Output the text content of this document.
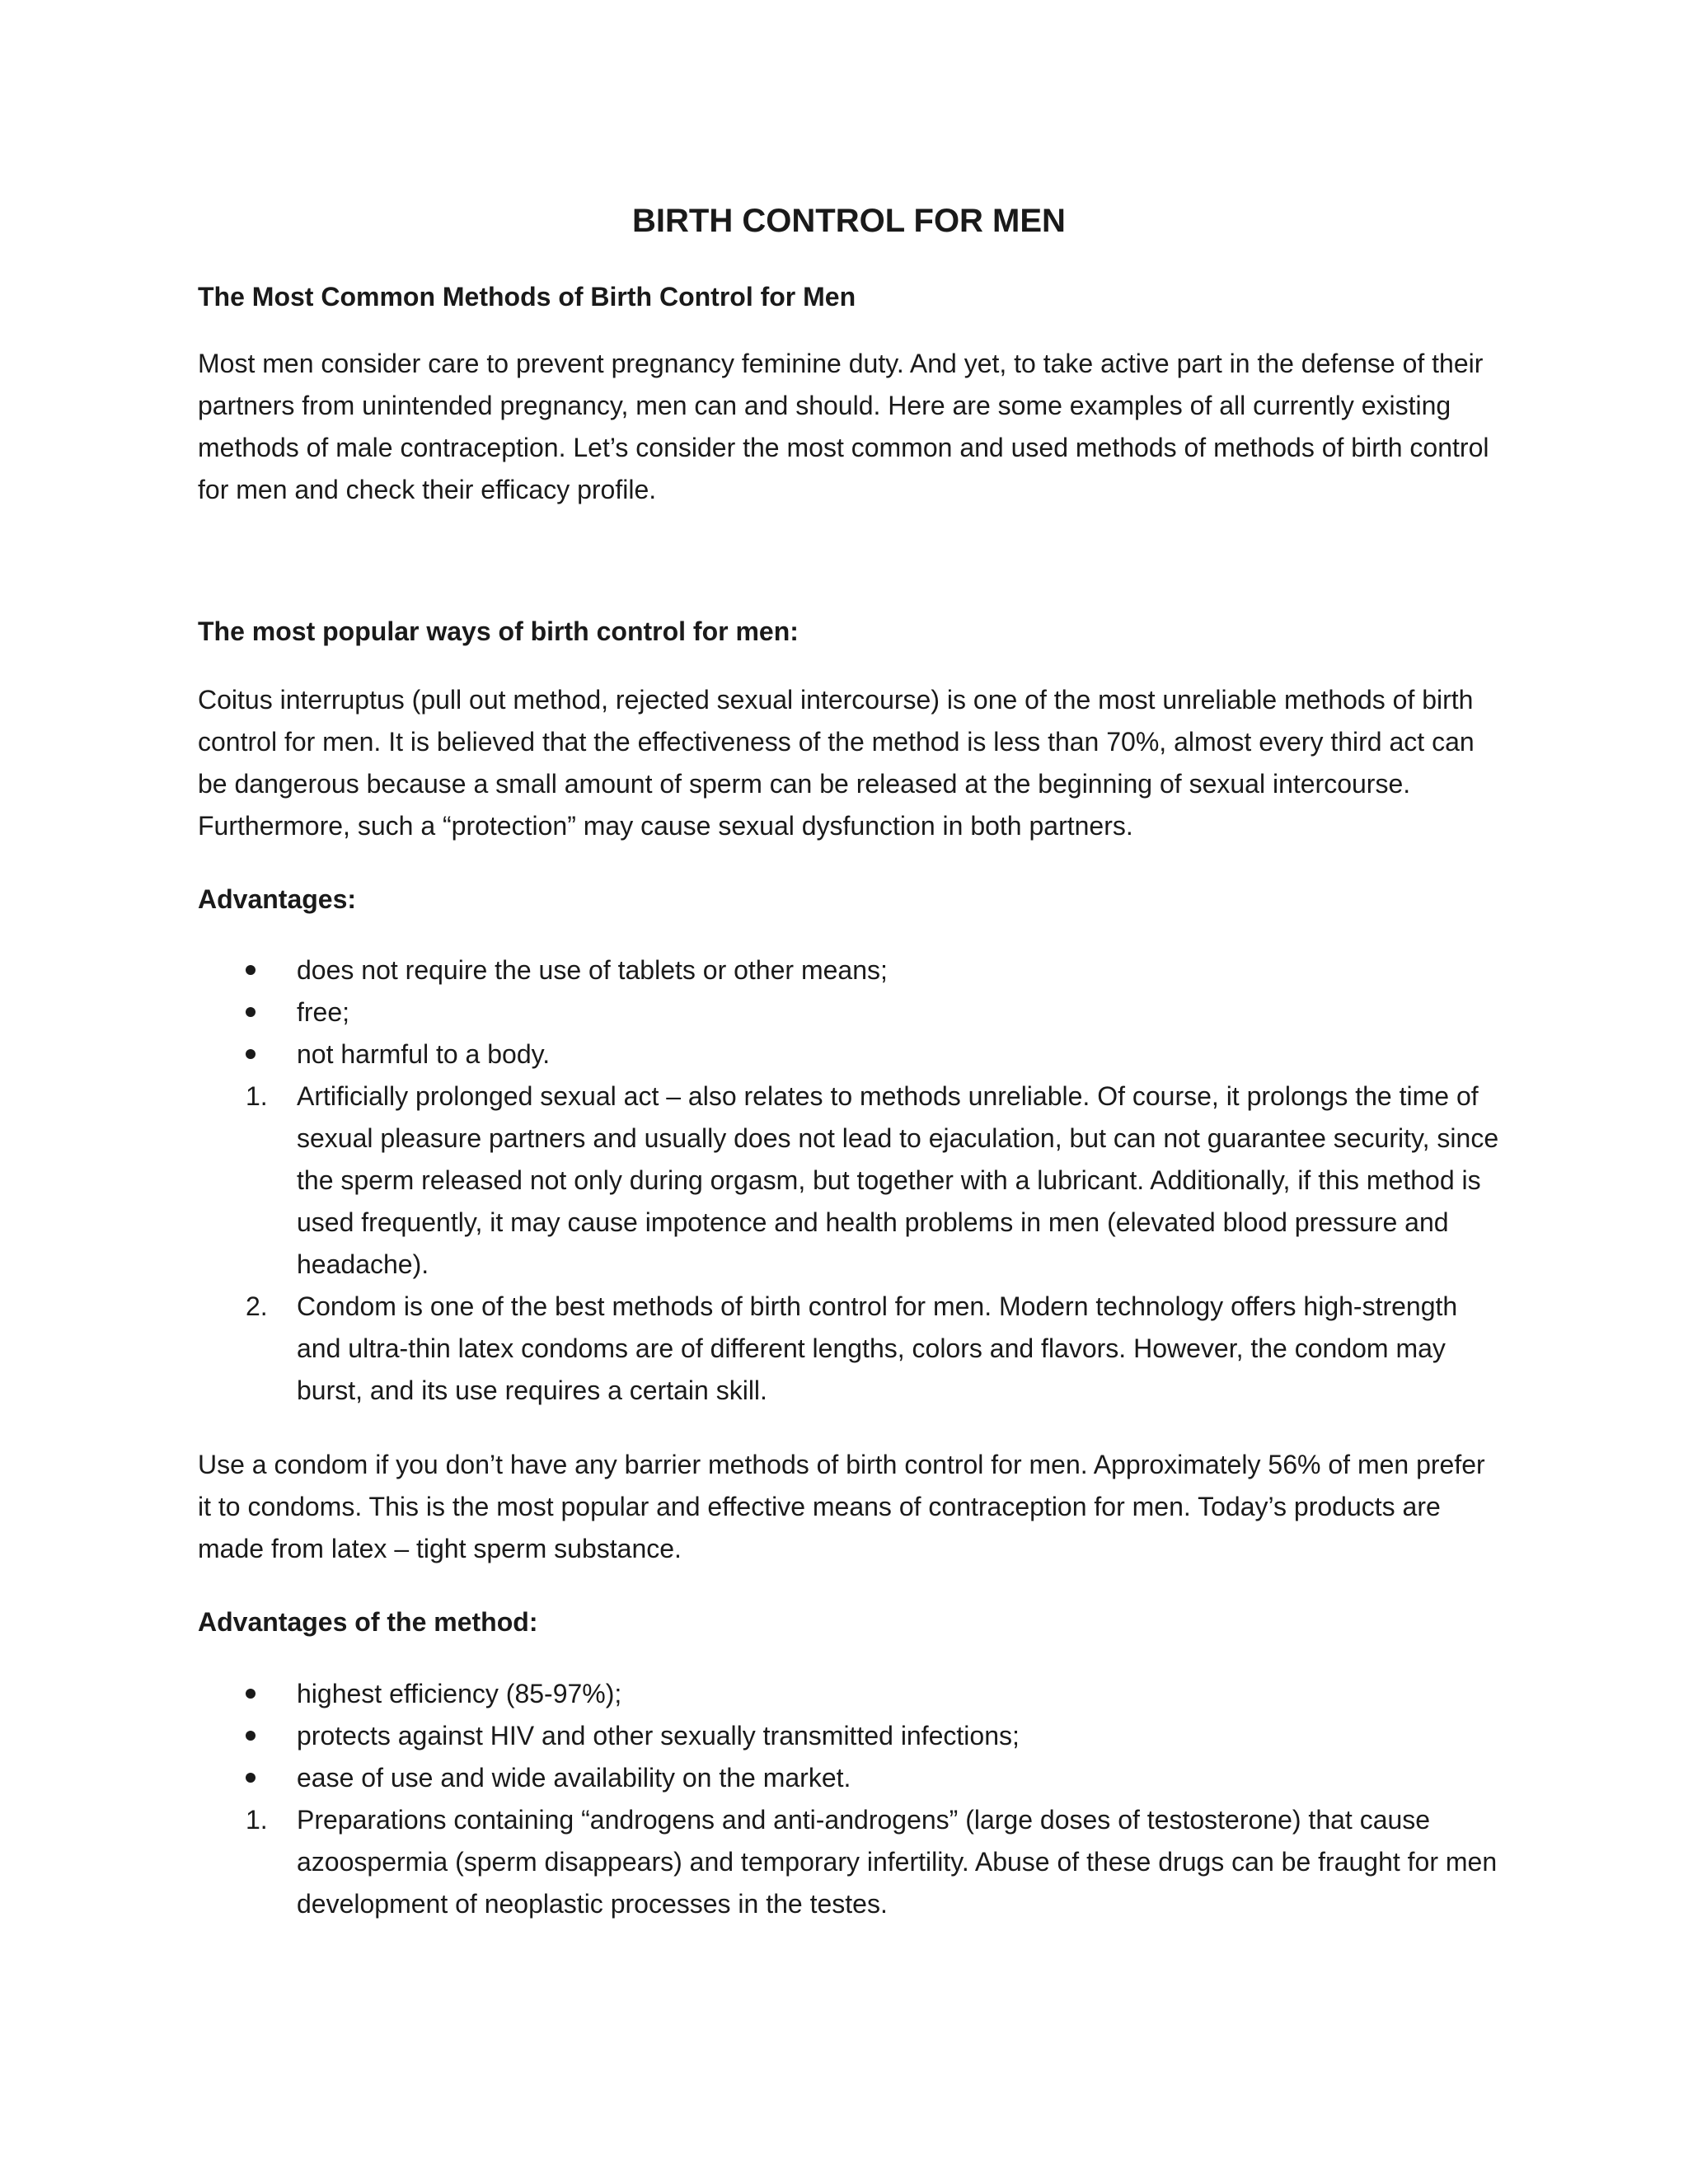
BIRTH CONTROL FOR MEN
The Most Common Methods of Birth Control for Men

Most men consider care to prevent pregnancy feminine duty. And yet, to take active part in the defense of their partners from unintended pregnancy, men can and should. Here are some examples of all currently existing methods of male contraception. Let’s consider the most common and used methods of methods of birth control for men and check their efficacy profile.

The most popular ways of birth control for men:

Coitus interruptus (pull out method, rejected sexual intercourse) is one of the most unreliable methods of birth control for men. It is believed that the effectiveness of the method is less than 70%, almost every third act can be dangerous because a small amount of sperm can be released at the beginning of sexual intercourse. Furthermore, such a “protection” may cause sexual dysfunction in both partners.

Advantages:
does not require the use of tablets or other means;
free;
not harmful to a body.
1. Artificially prolonged sexual act – also relates to methods unreliable. Of course, it prolongs the time of sexual pleasure partners and usually does not lead to ejaculation, but can not guarantee security, since the sperm released not only during orgasm, but together with a lubricant. Additionally, if this method is used frequently, it may cause impotence and health problems in men (elevated blood pressure and headache).
2. Condom is one of the best methods of birth control for men. Modern technology offers high-strength and ultra-thin latex condoms are of different lengths, colors and flavors. However, the condom may burst, and its use requires a certain skill.

Use a condom if you don’t have any barrier methods of birth control for men. Approximately 56% of men prefer it to condoms. This is the most popular and effective means of contraception for men. Today’s products are made from latex – tight sperm substance.

Advantages of the method:
highest efficiency (85-97%);
protects against HIV and other sexually transmitted infections;
ease of use and wide availability on the market.
1. Preparations containing “androgens and anti-androgens” (large doses of testosterone) that cause azoospermia (sperm disappears) and temporary infertility. Abuse of these drugs can be fraught for men development of neoplastic processes in the testes.
